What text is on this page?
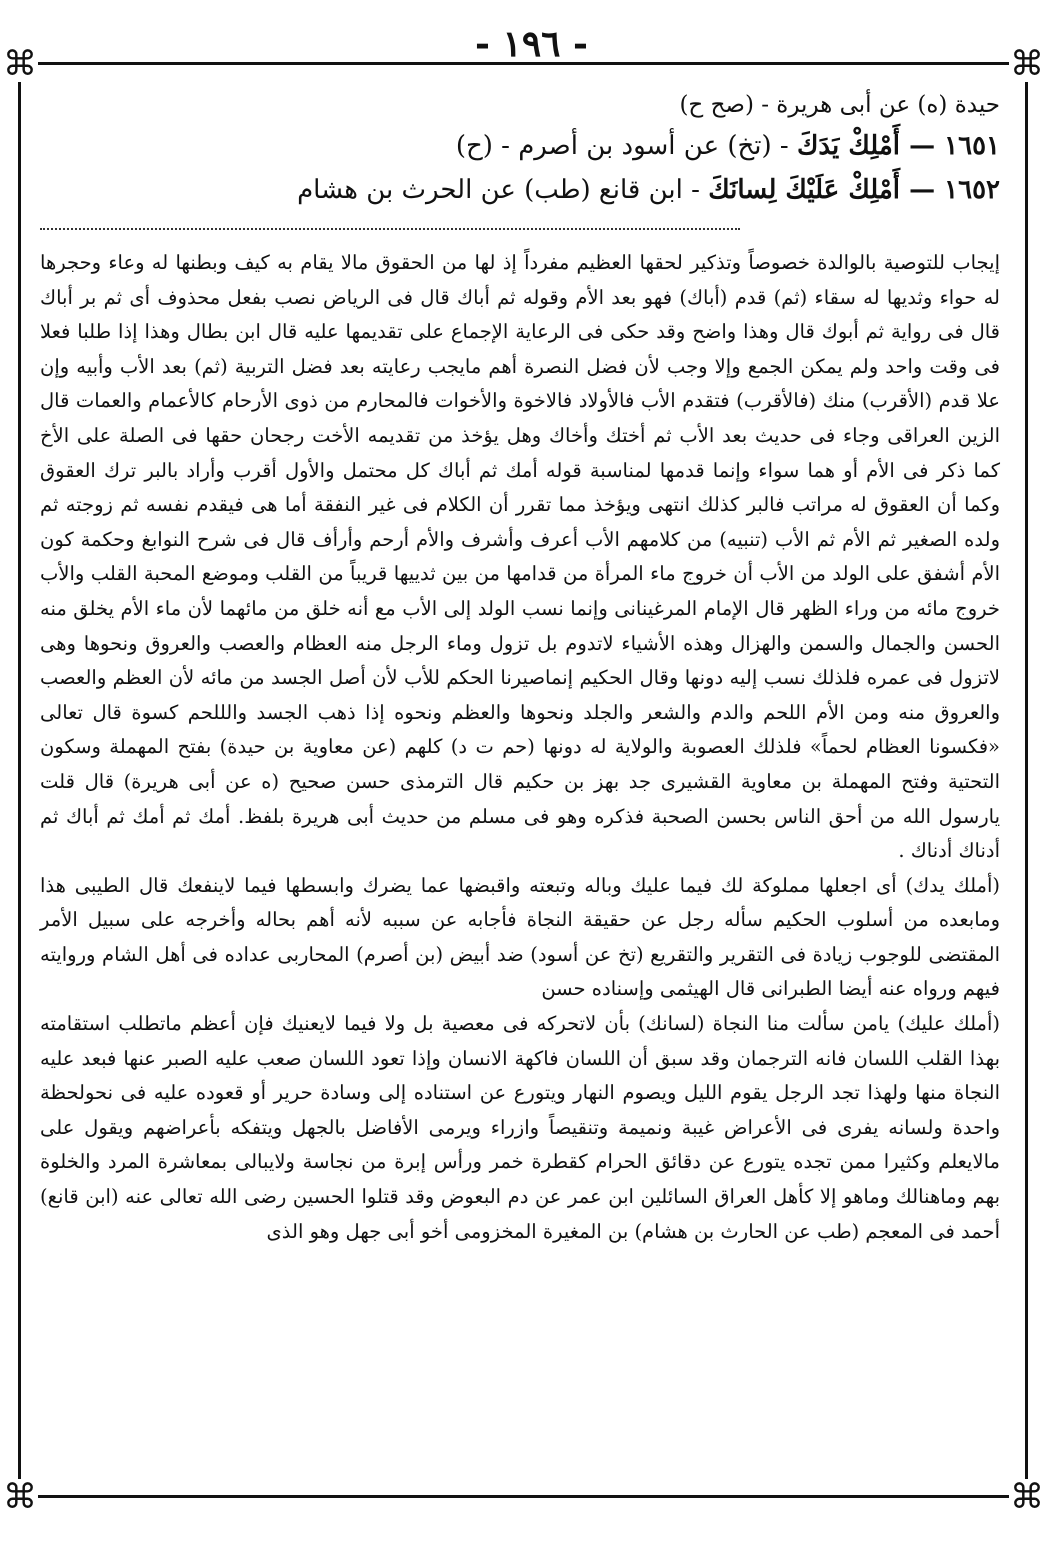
- ١٩٦ -
⌘	⌘
⌘	⌘
حيدة (ه) عن أبى هريرة - (صح ح)
١٦٥١ — أَمْلِكْ يَدَكَ - (تخ) عن أسود بن أصرم - (ح)
١٦٥٢ — أَمْلِكْ عَلَيْكَ لِسانَكَ - ابن قانع (طب) عن الحرث بن هشام

إيجاب للتوصية بالوالدة خصوصاً وتذكير لحقها العظيم مفرداً إذ لها من الحقوق مالا يقام به كيف وبطنها له وعاء وحجرها له حواء وثديها له سقاء (ثم) قدم (أباك) فهو بعد الأم وقوله ثم أباك قال فى الرياض نصب بفعل محذوف أى ثم بر أباك قال فى رواية ثم أبوك قال وهذا واضح وقد حكى فى الرعاية الإجماع على تقديمها عليه قال ابن بطال وهذا إذا طلبا فعلا فى وقت واحد ولم يمكن الجمع وإلا وجب لأن فضل النصرة أهم مايجب رعايته بعد فضل التربية (ثم) بعد الأب وأبيه وإن علا قدم (الأقرب) منك (فالأقرب) فتقدم الأب فالأولاد فالاخوة والأخوات فالمحارم من ذوى الأرحام كالأعمام والعمات قال الزين العراقى وجاء فى حديث بعد الأب ثم أختك وأخاك وهل يؤخذ من تقديمه الأخت رجحان حقها فى الصلة على الأخ كما ذكر فى الأم أو هما سواء وإنما قدمها لمناسبة قوله أمك ثم أباك كل محتمل والأول أقرب وأراد بالبر ترك العقوق وكما أن العقوق له مراتب فالبر كذلك انتهى ويؤخذ مما تقرر أن الكلام فى غير النفقة أما هى فيقدم نفسه ثم زوجته ثم ولده الصغير ثم الأم ثم الأب (تنبيه) من كلامهم الأب أعرف وأشرف والأم أرحم وأرأف قال فى شرح النوابغ وحكمة كون الأم أشفق على الولد من الأب أن خروج ماء المرأة من قدامها من بين ثدييها قريباً من القلب وموضع المحبة القلب والأب خروج مائه من وراء الظهر قال الإمام المرغينانى وإنما نسب الولد إلى الأب مع أنه خلق من مائهما لأن ماء الأم يخلق منه الحسن والجمال والسمن والهزال وهذه الأشياء لاتدوم بل تزول وماء الرجل منه العظام والعصب والعروق ونحوها وهى لاتزول فى عمره فلذلك نسب إليه دونها وقال الحكيم إنماصيرنا الحكم للأب لأن أصل الجسد من مائه لأن العظم والعصب والعروق منه ومن الأم اللحم والدم والشعر والجلد ونحوها والعظم ونحوه إذا ذهب الجسد والللحم كسوة قال تعالى «فكسونا العظام لحماً» فلذلك العصوبة والولاية له دونها (حم ت د) كلهم (عن معاوية بن حيدة) بفتح المهملة وسكون التحتية وفتح المهملة بن معاوية القشيرى جد بهز بن حكيم قال الترمذى حسن صحيح (ه عن أبى هريرة) قال قلت يارسول الله من أحق الناس بحسن الصحبة فذكره وهو فى مسلم من حديث أبى هريرة بلفظ. أمك ثم أمك ثم أباك ثم أدناك أدناك .

(أملك يدك) أى اجعلها مملوكة لك فيما عليك وباله وتبعته واقبضها عما يضرك وابسطها فيما لاينفعك قال الطيبى هذا ومابعده من أسلوب الحكيم سأله رجل عن حقيقة النجاة فأجابه عن سببه لأنه أهم بحاله وأخرجه على سبيل الأمر المقتضى للوجوب زيادة فى التقرير والتقريع (تخ عن أسود) ضد أبيض (بن أصرم) المحاربى عداده فى أهل الشام وروايته فيهم ورواه عنه أيضا الطبرانى قال الهيثمى وإسناده حسن

(أملك عليك) يامن سألت منا النجاة (لسانك) بأن لاتحركه فى معصية بل ولا فيما لايعنيك فإن أعظم ماتطلب استقامته بهذا القلب اللسان فانه الترجمان وقد سبق أن اللسان فاكهة الانسان وإذا تعود اللسان صعب عليه الصبر عنها فبعد عليه النجاة منها ولهذا تجد الرجل يقوم الليل ويصوم النهار ويتورع عن استناده إلى وسادة حرير أو قعوده عليه فى نحولحظة واحدة ولسانه يفرى فى الأعراض غيبة ونميمة وتنقيصاً وازراء ويرمى الأفاضل بالجهل ويتفكه بأعراضهم ويقول على مالايعلم وكثيرا ممن تجده يتورع عن دقائق الحرام كقطرة خمر ورأس إبرة من نجاسة ولايبالى بمعاشرة المرد والخلوة بهم وماهنالك وماهو إلا كأهل العراق السائلين ابن عمر عن دم البعوض وقد قتلوا الحسين رضى الله تعالى عنه (ابن قانع) أحمد فى المعجم (طب عن الحارث بن هشام) بن المغيرة المخزومى أخو أبى جهل وهو الذى
